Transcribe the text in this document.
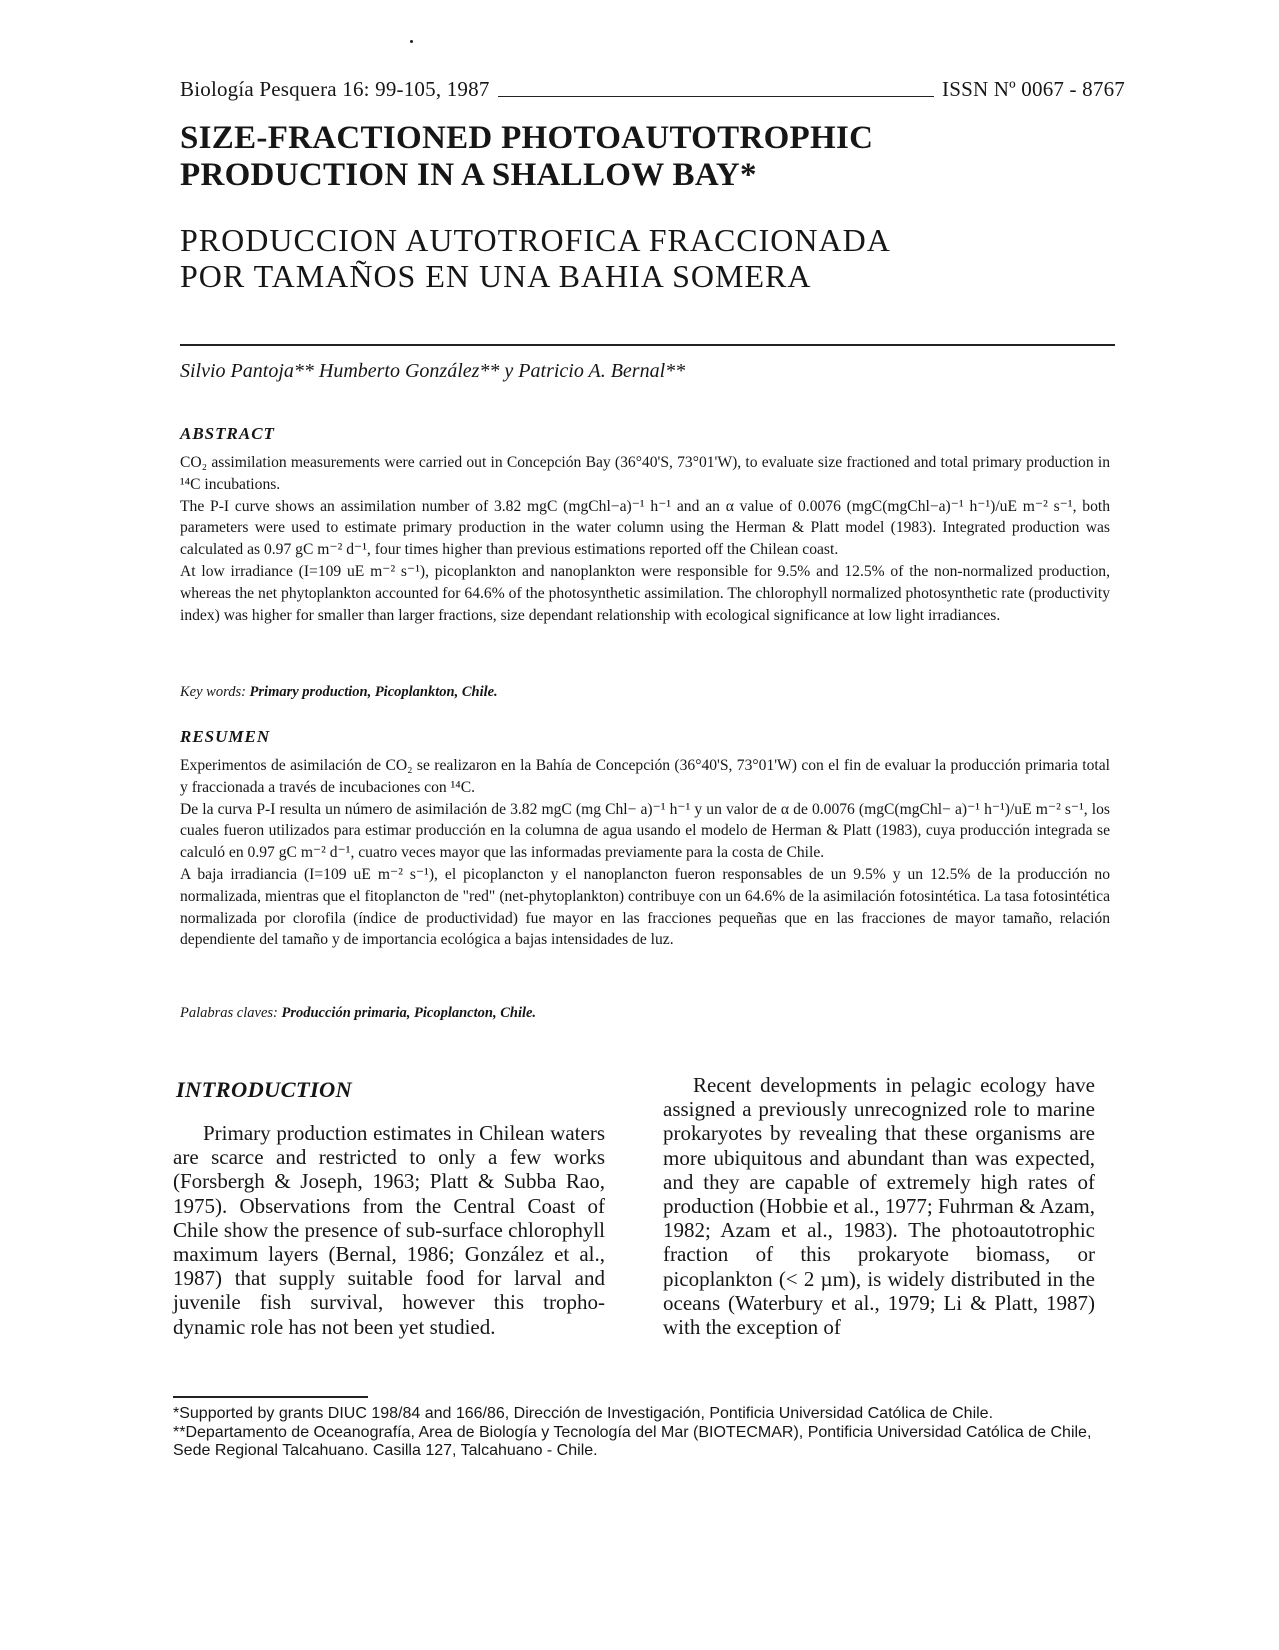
Biología Pesquera 16: 99-105, 1987	ISSN Nº 0067 - 8767
SIZE-FRACTIONED PHOTOAUTOTROPHIC
PRODUCTION IN A SHALLOW BAY*
PRODUCCION AUTOTROFICA FRACCIONADA
POR TAMAÑOS EN UNA BAHIA SOMERA
Silvio Pantoja** Humberto González** y Patricio A. Bernal**
ABSTRACT

CO₂ assimilation measurements were carried out in Concepción Bay (36°40'S, 73°01'W), to evaluate size fractioned and total primary production in ¹⁴C incubations.

The P-I curve shows an assimilation number of 3.82 mgC (mgChl−a)⁻¹ h⁻¹ and an α value of 0.0076 (mgC(mgChl−a)⁻¹ h⁻¹)/uE m⁻² s⁻¹, both parameters were used to estimate primary production in the water column using the Herman & Platt model (1983). Integrated production was calculated as 0.97 gC m⁻² d⁻¹, four times higher than previous estimations reported off the Chilean coast.

At low irradiance (I=109 uE m⁻² s⁻¹), picoplankton and nanoplankton were responsible for 9.5% and 12.5% of the non-normalized production, whereas the net phytoplankton accounted for 64.6% of the photosynthetic assimilation. The chlorophyll normalized photosynthetic rate (productivity index) was higher for smaller than larger fractions, size dependant relationship with ecological significance at low light irradiances.

Key words: Primary production, Picoplankton, Chile.
RESUMEN

Experimentos de asimilación de CO₂ se realizaron en la Bahía de Concepción (36°40'S, 73°01'W) con el fin de evaluar la producción primaria total y fraccionada a través de incubaciones con ¹⁴C.

De la curva P-I resulta un número de asimilación de 3.82 mgC (mg Chl− a)⁻¹ h⁻¹ y un valor de α de 0.0076 (mgC(mgChl− a)⁻¹ h⁻¹)/uE m⁻² s⁻¹, los cuales fueron utilizados para estimar producción en la columna de agua usando el modelo de Herman & Platt (1983), cuya producción integrada se calculó en 0.97 gC m⁻² d⁻¹, cuatro veces mayor que las informadas previamente para la costa de Chile.

A baja irradiancia (I=109 uE m⁻² s⁻¹), el picoplancton y el nanoplancton fueron responsables de un 9.5% y un 12.5% de la producción no normalizada, mientras que el fitoplancton de "red" (net-phytoplankton) contribuye con un 64.6% de la asimilación fotosintética. La tasa fotosintética normalizada por clorofila (índice de productividad) fue mayor en las fracciones pequeñas que en las fracciones de mayor tamaño, relación dependiente del tamaño y de importancia ecológica a bajas intensidades de luz.

Palabras claves: Producción primaria, Picoplancton, Chile.
INTRODUCTION

Primary production estimates in Chilean waters are scarce and restricted to only a few works (Forsbergh & Joseph, 1963; Platt & Subba Rao, 1975). Observations from the Central Coast of Chile show the presence of sub-surface chlorophyll maximum layers (Bernal, 1986; González et al., 1987) that supply suitable food for larval and juvenile fish survival, however this tropho-dynamic role has not been yet studied.

Recent developments in pelagic ecology have assigned a previously unrecognized role to marine prokaryotes by revealing that these organisms are more ubiquitous and abundant than was expected, and they are capable of extremely high rates of production (Hobbie et al., 1977; Fuhrman & Azam, 1982; Azam et al., 1983). The photoautotrophic fraction of this prokaryote biomass, or picoplankton (< 2 µm), is widely distributed in the oceans (Waterbury et al., 1979; Li & Platt, 1987) with the exception of

*Supported by grants DIUC 198/84 and 166/86, Dirección de Investigación, Pontificia Universidad Católica de Chile.
**Departamento de Oceanografía, Area de Biología y Tecnología del Mar (BIOTECMAR), Pontificia Universidad Católica de Chile, Sede Regional Talcahuano. Casilla 127, Talcahuano - Chile.
